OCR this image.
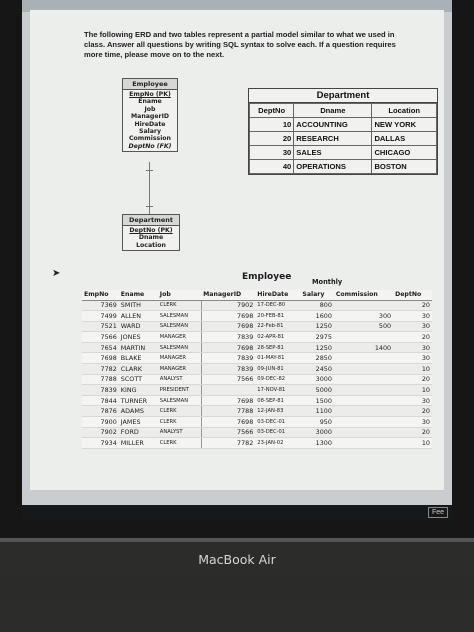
The following ERD and two tables represent a partial model similar to what we used in class. Answer all questions by writing SQL syntax to solve each. If a question requires more time, please move on to the next.
Employee
EmpNo (PK)
Ename
Job
ManagerID
HireDate
Salary
Commission
DeptNo (FK)
Department
DeptNo (PK)
Dname
Location
Department
DeptNo	Dname	Location
10	ACCOUNTING	NEW YORK
20	RESEARCH	DALLAS
30	SALES	CHICAGO
40	OPERATIONS	BOSTON
Employee	Monthly
EmpNo	Ename	Job	ManagerID	HireDate	Salary	Commission	DeptNo
7369	SMITH	CLERK	7902	17-DEC-80	800		20
7499	ALLEN	SALESMAN	7698	20-FEB-81	1600	300	30
7521	WARD	SALESMAN	7698	22-Feb-81	1250	500	30
7566	JONES	MANAGER	7839	02-APR-81	2975		20
7654	MARTIN	SALESMAN	7698	28-SEP-81	1250	1400	30
7698	BLAKE	MANAGER	7839	01-MAY-81	2850		30
7782	CLARK	MANAGER	7839	09-JUN-81	2450		10
7788	SCOTT	ANALYST	7566	09-DEC-82	3000		20
7839	KING	PRESIDENT		17-NOV-81	5000		10
7844	TURNER	SALESMAN	7698	08-SEP-81	1500		30
7876	ADAMS	CLERK	7788	12-JAN-83	1100		20
7900	JAMES	CLERK	7698	03-DEC-01	950		30
7902	FORD	ANALYST	7566	03-DEC-01	3000		20
7934	MILLER	CLERK	7782	23-JAN-02	1300		10
➤
Fee
MacBook Air
